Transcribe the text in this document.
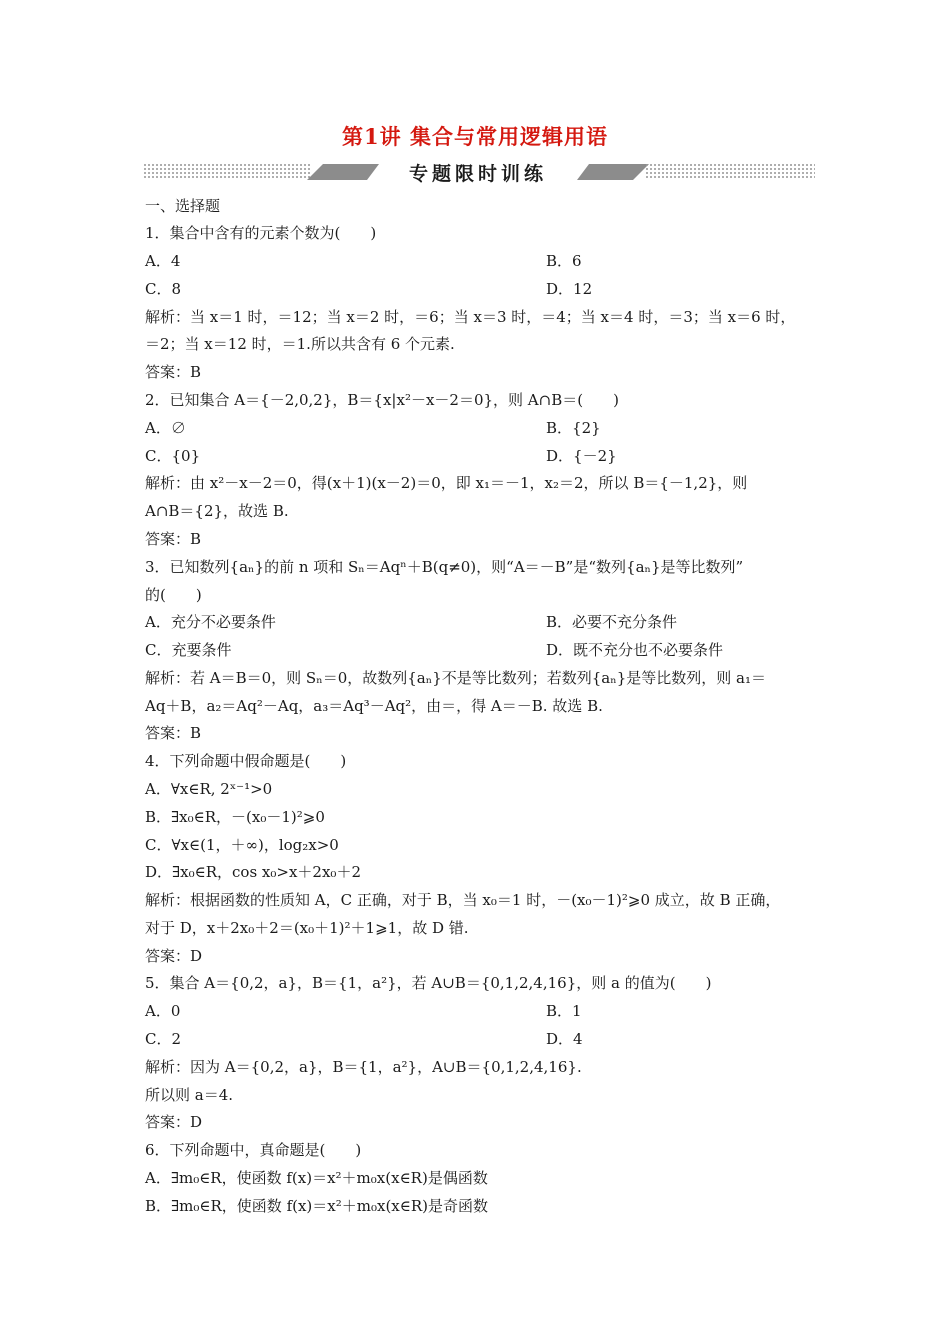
第1讲 集合与常用逻辑用语
专题限时训练
一、选择题
1．集合中含有的元素个数为(　　)
A．4	B．6
C．8	D．12
解析：当 x＝1 时，＝12；当 x＝2 时，＝6；当 x＝3 时，＝4；当 x＝4 时，＝3；当 x＝6 时，
＝2；当 x＝12 时，＝1.所以共含有 6 个元素.
答案：B
2．已知集合 A＝{－2,0,2}，B＝{x|x²－x－2＝0}，则 A∩B＝(　　)
A．∅	B．{2}
C．{0}	D．{－2}
解析：由 x²－x－2＝0，得(x＋1)(x－2)＝0，即 x₁＝－1，x₂＝2，所以 B＝{－1,2}，则
A∩B＝{2}，故选 B.
答案：B
3．已知数列{aₙ}的前 n 项和 Sₙ＝Aqⁿ＋B(q≠0)，则“A＝－B”是“数列{aₙ}是等比数列”
的(　　)
A．充分不必要条件	B．必要不充分条件
C．充要条件	D．既不充分也不必要条件
解析：若 A＝B＝0，则 Sₙ＝0，故数列{aₙ}不是等比数列；若数列{aₙ}是等比数列，则 a₁＝
Aq＋B，a₂＝Aq²－Aq，a₃＝Aq³－Aq²，由＝，得 A＝－B. 故选 B.
答案：B
4．下列命题中假命题是(　　)
A．∀x∈R, 2ˣ⁻¹>0
B．∃x₀∈R，－(x₀－1)²⩾0
C．∀x∈(1，＋∞)，log₂x>0
D．∃x₀∈R，cos x₀>x＋2x₀＋2
解析：根据函数的性质知 A，C 正确，对于 B，当 x₀＝1 时，－(x₀－1)²⩾0 成立，故 B 正确，
对于 D，x＋2x₀＋2＝(x₀＋1)²＋1⩾1，故 D 错.
答案：D
5．集合 A＝{0,2，a}，B＝{1，a²}，若 A∪B＝{0,1,2,4,16}，则 a 的值为(　　)
A．0	B．1
C．2	D．4
解析：因为 A＝{0,2，a}，B＝{1，a²}，A∪B＝{0,1,2,4,16}.
所以则 a＝4.
答案：D
6．下列命题中，真命题是(　　)
A．∃m₀∈R，使函数 f(x)＝x²＋m₀x(x∈R)是偶函数
B．∃m₀∈R，使函数 f(x)＝x²＋m₀x(x∈R)是奇函数
